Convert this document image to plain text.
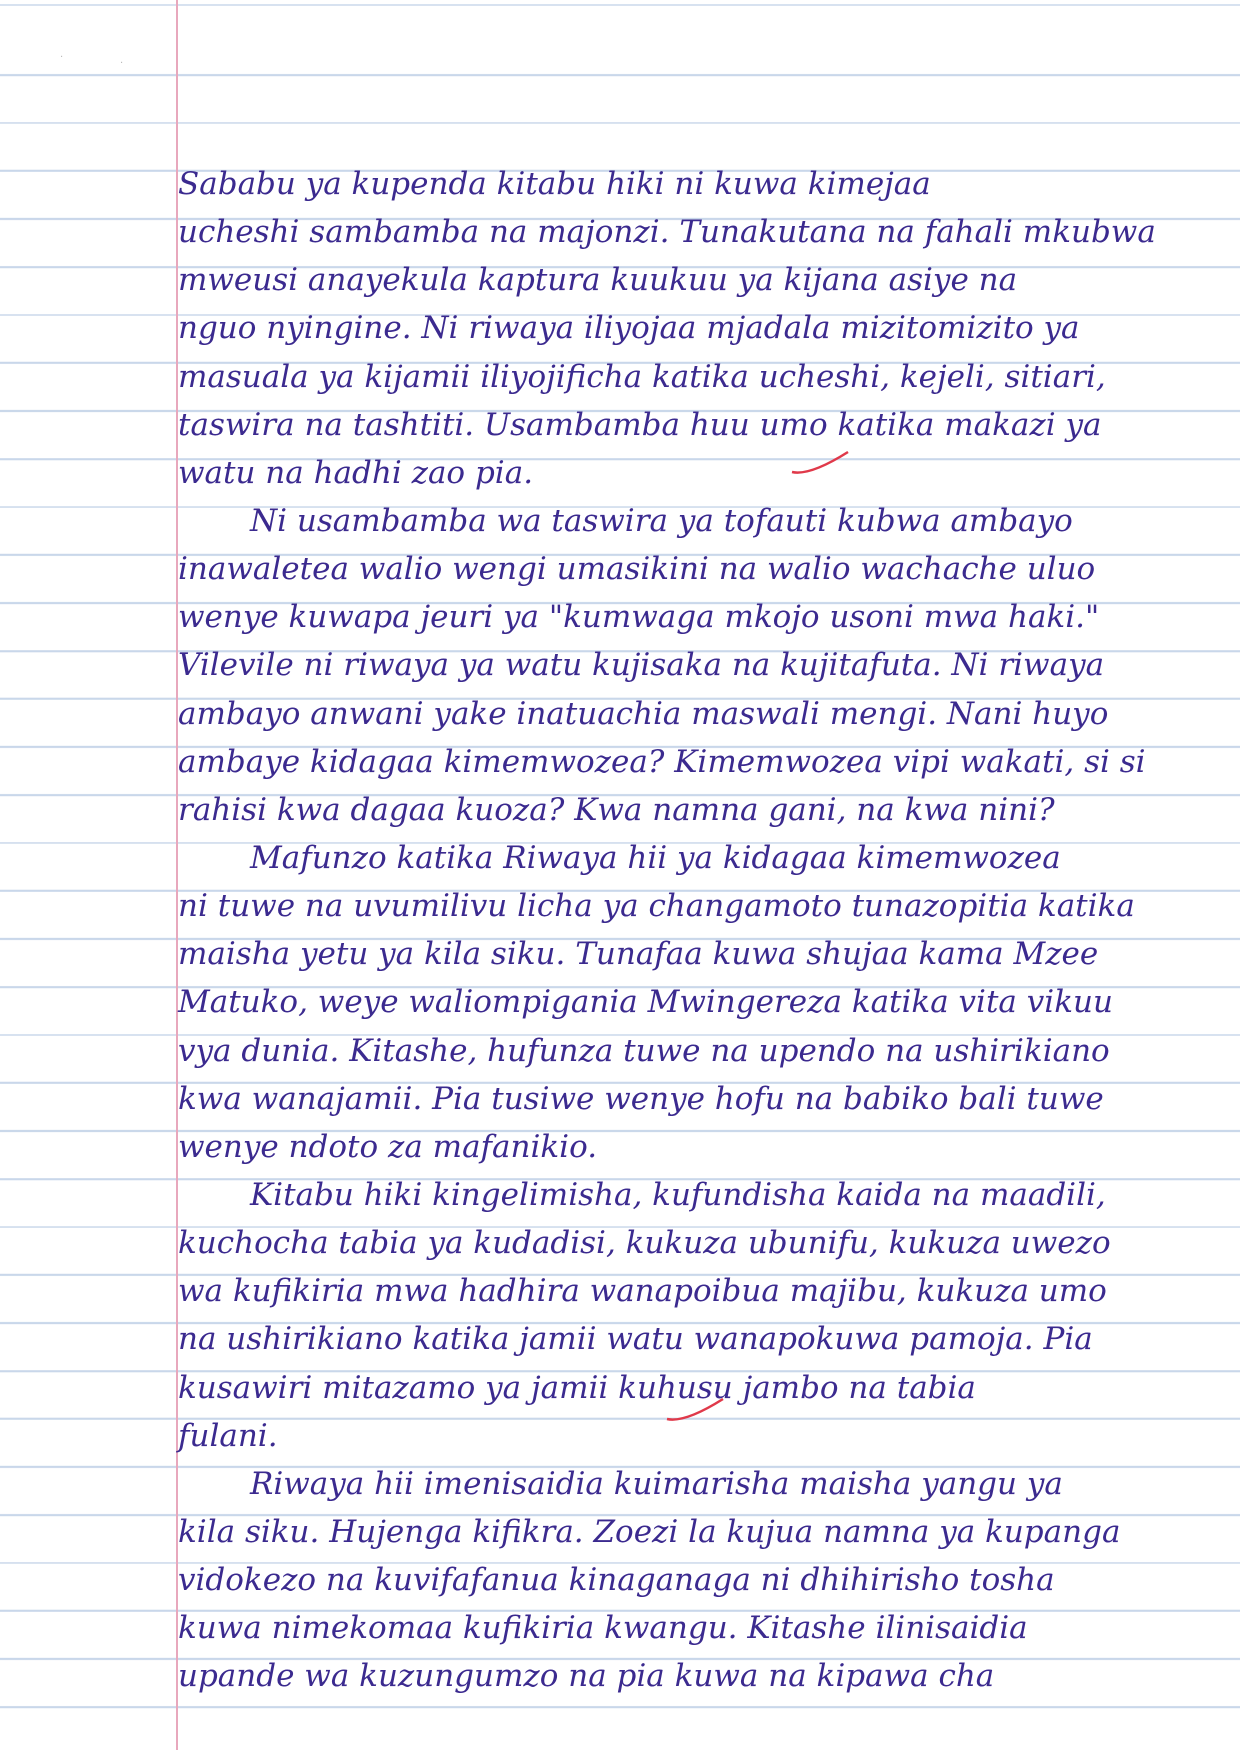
·
·
Sababu ya kupenda kitabu hiki ni kuwa kimejaa
ucheshi sambamba na majonzi. Tunakutana na fahali mkubwa
mweusi anayekula kaptura kuukuu ya kijana asiye na
nguo nyingine. Ni riwaya iliyojaa mjadala mizitomizito ya
masuala ya kijamii iliyojificha katika ucheshi, kejeli, sitiari,
taswira na tashtiti. Usambamba huu umo katika makazi ya
watu na hadhi zao pia.
Ni usambamba wa taswira ya tofauti kubwa ambayo
inawaletea walio wengi umasikini na walio wachache uluo
wenye kuwapa jeuri ya "kumwaga mkojo usoni mwa haki."
Vilevile ni riwaya ya watu kujisaka na kujitafuta. Ni riwaya
ambayo anwani yake inatuachia maswali mengi. Nani huyo
ambaye kidagaa kimemwozea? Kimemwozea vipi wakati, si si
rahisi kwa dagaa kuoza? Kwa namna gani, na kwa nini?
Mafunzo katika Riwaya hii ya kidagaa kimemwozea
ni tuwe na uvumilivu licha ya changamoto tunazopitia katika
maisha yetu ya kila siku. Tunafaa kuwa shujaa kama Mzee
Matuko, weye waliompigania Mwingereza katika vita vikuu
vya dunia. Kitashe, hufunza tuwe na upendo na ushirikiano
kwa wanajamii. Pia tusiwe wenye hofu na babiko bali tuwe
wenye ndoto za mafanikio.
Kitabu hiki kingelimisha, kufundisha kaida na maadili,
kuchocha tabia ya kudadisi, kukuza ubunifu, kukuza uwezo
wa kufikiria mwa hadhira wanapoibua majibu, kukuza umo
na ushirikiano katika jamii watu wanapokuwa pamoja. Pia
kusawiri mitazamo ya jamii kuhusu jambo na tabia
fulani.
Riwaya hii imenisaidia kuimarisha maisha yangu ya
kila siku. Hujenga kifikra. Zoezi la kujua namna ya kupanga
vidokezo na kuvifafanua kinaganaga ni dhihirisho tosha
kuwa nimekomaa kufikiria kwangu. Kitashe ilinisaidia
upande wa kuzungumzo na pia kuwa na kipawa cha
